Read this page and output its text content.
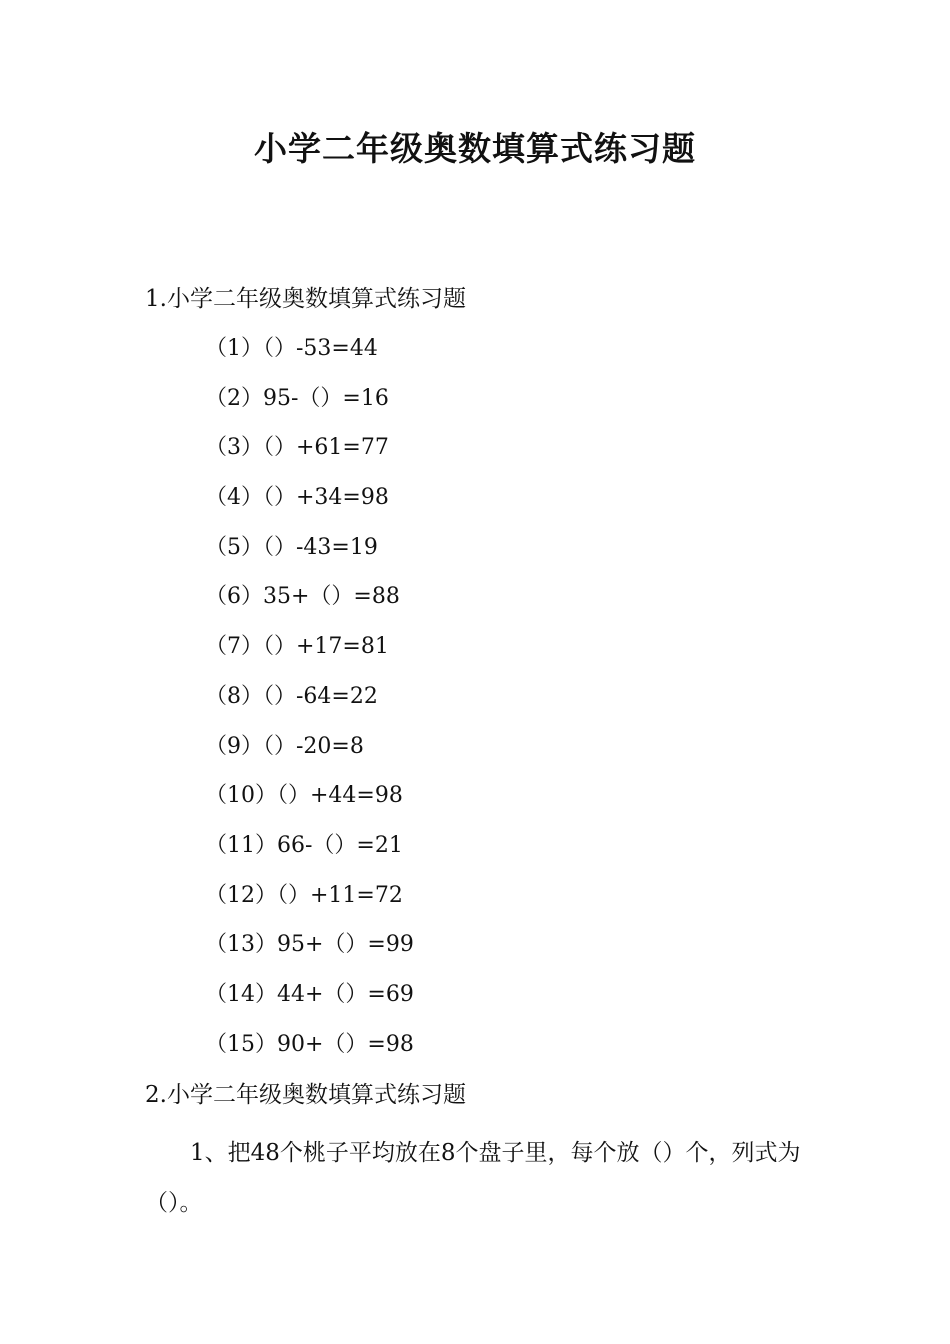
小学二年级奥数填算式练习题
1.小学二年级奥数填算式练习题
（1）（）-53=44
（2）95-（）=16
（3）（）+61=77
（4）（）+34=98
（5）（）-43=19
（6）35+（）=88
（7）（）+17=81
（8）（）-64=22
（9）（）-20=8
（10）（）+44=98
（11）66-（）=21
（12）（）+11=72
（13）95+（）=99
（14）44+（）=69
（15）90+（）=98
2.小学二年级奥数填算式练习题
1、把48个桃子平均放在8个盘子里，每个放（）个，列式为（）。
